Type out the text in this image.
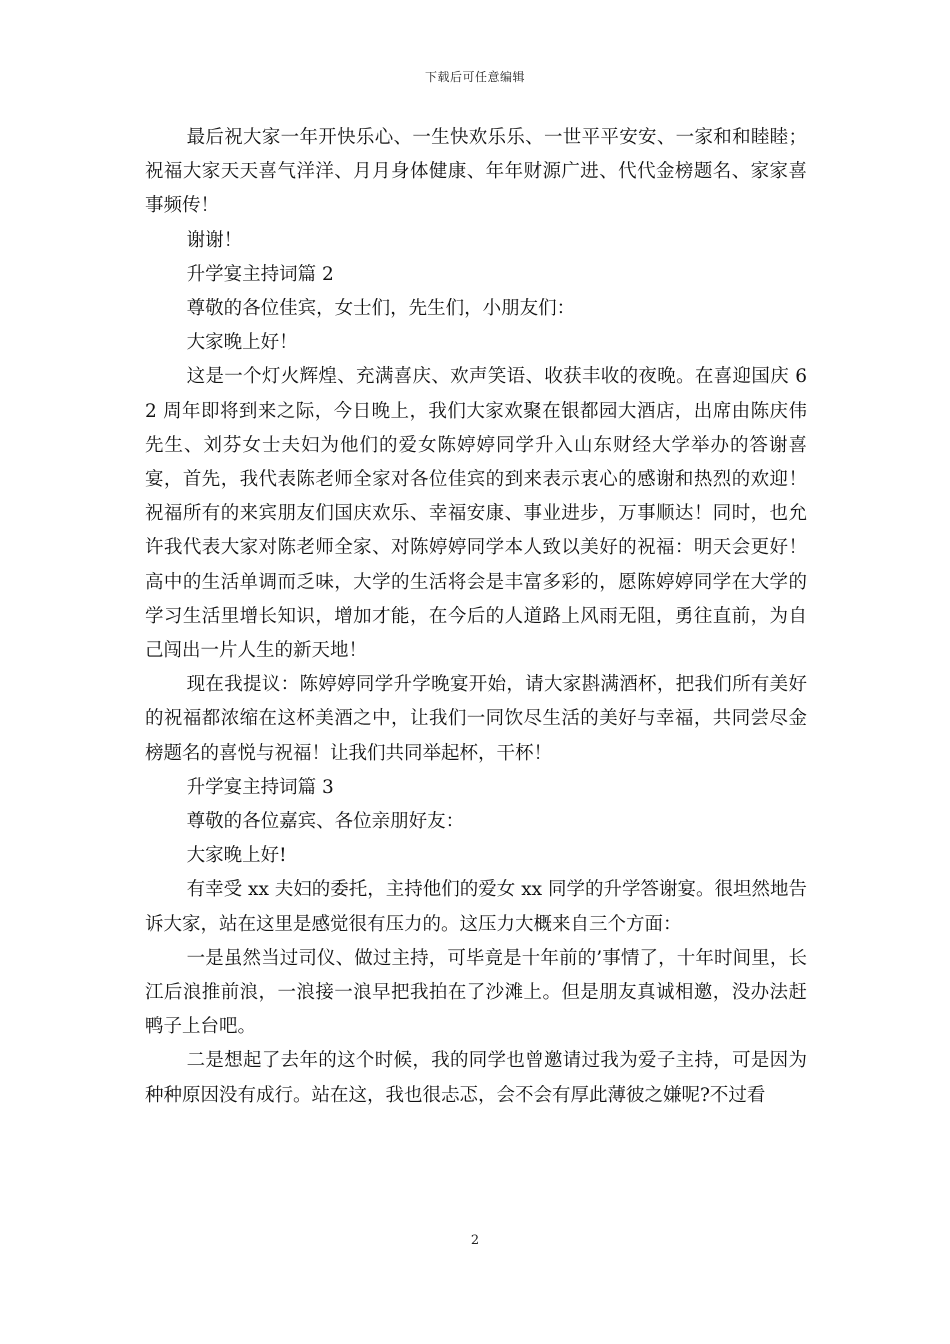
下载后可任意编辑

最后祝大家一年开快乐心、一生快欢乐乐、一世平平安安、一家和和睦睦；祝福大家天天喜气洋洋、月月身体健康、年年财源广进、代代金榜题名、家家喜事频传！

谢谢！

升学宴主持词篇 2

尊敬的各位佳宾，女士们，先生们，小朋友们：

大家晚上好！

这是一个灯火辉煌、充满喜庆、欢声笑语、收获丰收的夜晚。在喜迎国庆 62 周年即将到来之际，今日晚上，我们大家欢聚在银都园大酒店，出席由陈庆伟先生、刘芬女士夫妇为他们的爱女陈婷婷同学升入山东财经大学举办的答谢喜宴，首先，我代表陈老师全家对各位佳宾的到来表示衷心的感谢和热烈的欢迎！祝福所有的来宾朋友们国庆欢乐、幸福安康、事业进步，万事顺达！同时，也允许我代表大家对陈老师全家、对陈婷婷同学本人致以美好的祝福：明天会更好！高中的生活单调而乏味，大学的生活将会是丰富多彩的，愿陈婷婷同学在大学的学习生活里增长知识，增加才能，在今后的人道路上风雨无阻，勇往直前，为自己闯出一片人生的新天地！

现在我提议：陈婷婷同学升学晚宴开始，请大家斟满酒杯，把我们所有美好的祝福都浓缩在这杯美酒之中，让我们一同饮尽生活的美好与幸福，共同尝尽金榜题名的喜悦与祝福！让我们共同举起杯，干杯！

升学宴主持词篇 3

尊敬的各位嘉宾、各位亲朋好友：

大家晚上好!

有幸受 xx 夫妇的委托，主持他们的爱女 xx 同学的升学答谢宴。很坦然地告诉大家，站在这里是感觉很有压力的。这压力大概来自三个方面：

一是虽然当过司仪、做过主持，可毕竟是十年前的’事情了，十年时间里，长江后浪推前浪，一浪接一浪早把我拍在了沙滩上。但是朋友真诚相邀，没办法赶鸭子上台吧。

二是想起了去年的这个时候，我的同学也曾邀请过我为爱子主持，可是因为种种原因没有成行。站在这，我也很忐忑，会不会有厚此薄彼之嫌呢?不过看

2
